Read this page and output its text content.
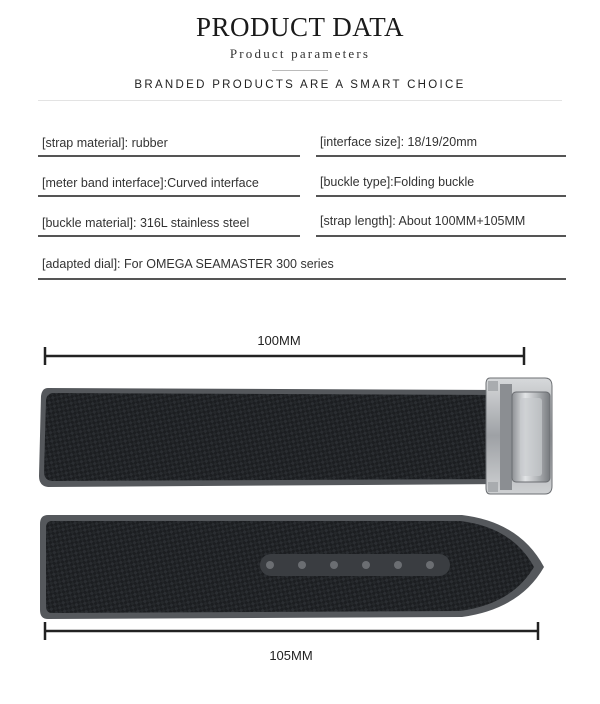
PRODUCT DATA
Product parameters
BRANDED PRODUCTS ARE A SMART CHOICE
[strap material]: rubber	[interface size]: 18/19/20mm
[meter band interface]:Curved interface	[buckle type]:Folding buckle
[buckle material]: 316L stainless steel	[strap length]: About 100MM+105MM
[adapted dial]: For OMEGA SEAMASTER 300 series
100MM
105MM
